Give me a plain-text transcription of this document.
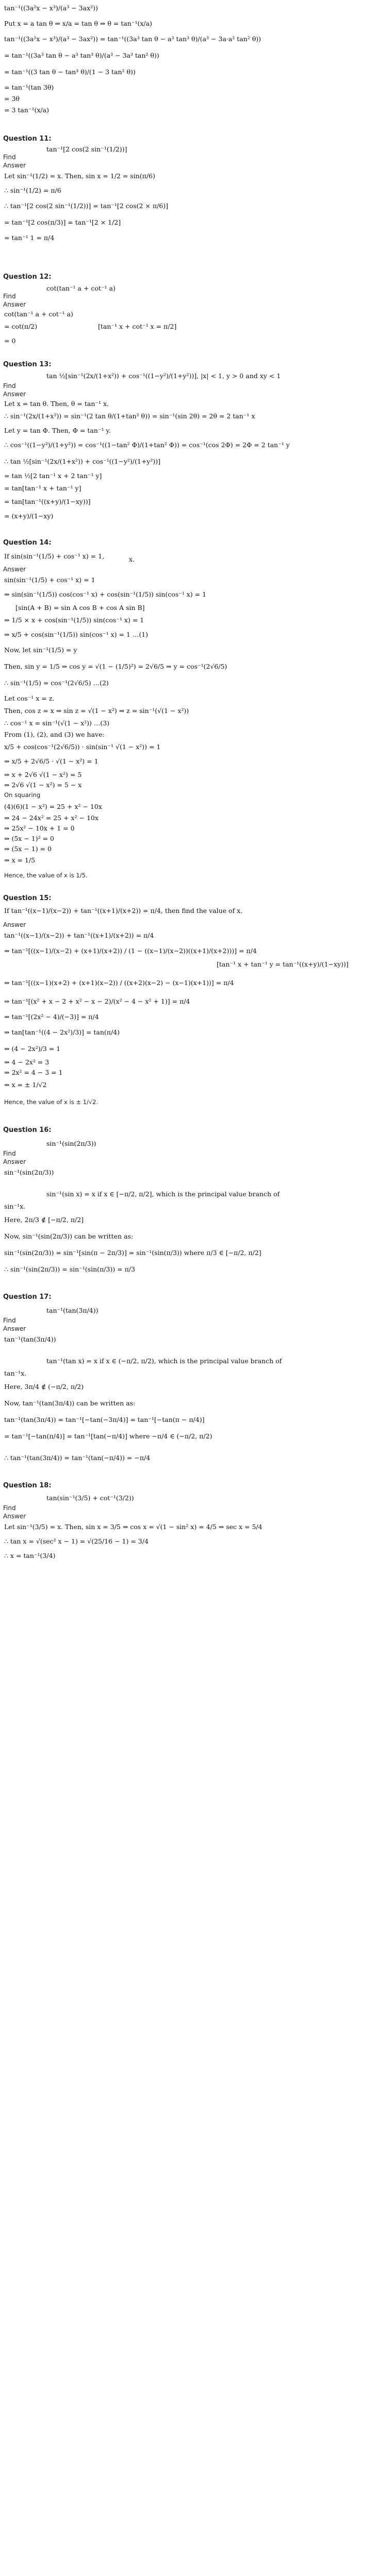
tan⁻¹((3a²x − x³)/(a³ − 3ax²))
Put x = a tan θ ⇒ x/a = tan θ ⇒ θ = tan⁻¹(x/a)
tan⁻¹((3a²x − x³)/(a³ − 3ax²)) = tan⁻¹((3a³ tan θ − a³ tan³ θ)/(a³ − 3a·a² tan² θ))
= tan⁻¹((3a³ tan θ − a³ tan³ θ)/(a³ − 3a³ tan² θ))
= tan⁻¹((3 tan θ − tan³ θ)/(1 − 3 tan² θ))
= tan⁻¹(tan 3θ)
= 3θ
= 3 tan⁻¹(x/a)
Question 11:
tan⁻¹[2 cos(2 sin⁻¹(1/2))]
Find
Answer
Let sin⁻¹(1/2) = x. Then, sin x = 1/2 = sin(π/6)
∴ sin⁻¹(1/2) = π/6
∴ tan⁻¹[2 cos(2 sin⁻¹(1/2))] = tan⁻¹[2 cos(2 × π/6)]
= tan⁻¹[2 cos(π/3)] = tan⁻¹[2 × 1/2]
= tan⁻¹ 1 = π/4
Question 12:
cot(tan⁻¹ a + cot⁻¹ a)
Find
Answer
cot(tan⁻¹ a + cot⁻¹ a)
= cot(π/2)	[tan⁻¹ x + cot⁻¹ x = π/2]
= 0
Question 13:
tan ½[sin⁻¹(2x/(1+x²)) + cos⁻¹((1−y²)/(1+y²))], |x| < 1, y > 0 and xy < 1
Find
Answer
Let x = tan θ. Then, θ = tan⁻¹ x.
∴ sin⁻¹(2x/(1+x²)) = sin⁻¹(2 tan θ/(1+tan² θ)) = sin⁻¹(sin 2θ) = 2θ = 2 tan⁻¹ x
Let y = tan Φ. Then, Φ = tan⁻¹ y.
∴ cos⁻¹((1−y²)/(1+y²)) = cos⁻¹((1−tan² Φ)/(1+tan² Φ)) = cos⁻¹(cos 2Φ) = 2Φ = 2 tan⁻¹ y
∴ tan ½[sin⁻¹(2x/(1+x²)) + cos⁻¹((1−y²)/(1+y²))]
= tan ½[2 tan⁻¹ x + 2 tan⁻¹ y]
= tan[tan⁻¹ x + tan⁻¹ y]
= tan[tan⁻¹((x+y)/(1−xy))]
= (x+y)/(1−xy)
Question 14:
If sin(sin⁻¹(1/5) + cos⁻¹ x) = 1,	x.
Answer
sin(sin⁻¹(1/5) + cos⁻¹ x) = 1
⇒ sin(sin⁻¹(1/5)) cos(cos⁻¹ x) + cos(sin⁻¹(1/5)) sin(cos⁻¹ x) = 1
[sin(A + B) = sin A cos B + cos A sin B]
⇒ 1/5 × x + cos(sin⁻¹(1/5)) sin(cos⁻¹ x) = 1
⇒ x/5 + cos(sin⁻¹(1/5)) sin(cos⁻¹ x) = 1 …(1)
Now, let sin⁻¹(1/5) = y
Then, sin y = 1/5 ⇒ cos y = √(1 − (1/5)²) = 2√6/5 ⇒ y = cos⁻¹(2√6/5)
∴ sin⁻¹(1/5) = cos⁻¹(2√6/5) …(2)
Let cos⁻¹ x = z.
Then, cos z = x ⇒ sin z = √(1 − x²) ⇒ z = sin⁻¹(√(1 − x²))
∴ cos⁻¹ x = sin⁻¹(√(1 − x²)) …(3)
From (1), (2), and (3) we have:
x/5 + cos(cos⁻¹(2√6/5)) · sin(sin⁻¹ √(1 − x²)) = 1
⇒ x/5 + 2√6/5 · √(1 − x²) = 1
⇒ x + 2√6 √(1 − x²) = 5
⇒ 2√6 √(1 − x²) = 5 − x
On squaring
(4)(6)(1 − x²) = 25 + x² − 10x
⇒ 24 − 24x² = 25 + x² − 10x
⇒ 25x² − 10x + 1 = 0
⇒ (5x − 1)² = 0
⇒ (5x − 1) = 0
⇒ x = 1/5
Hence, the value of x is 1/5.
Question 15:
If tan⁻¹((x−1)/(x−2)) + tan⁻¹((x+1)/(x+2)) = π/4, then find the value of x.
Answer
tan⁻¹((x−1)/(x−2)) + tan⁻¹((x+1)/(x+2)) = π/4
⇒ tan⁻¹[((x−1)/(x−2) + (x+1)/(x+2)) / (1 − ((x−1)/(x−2))((x+1)/(x+2)))] = π/4
[tan⁻¹ x + tan⁻¹ y = tan⁻¹((x+y)/(1−xy))]
⇒ tan⁻¹[((x−1)(x+2) + (x+1)(x−2)) / ((x+2)(x−2) − (x−1)(x+1))] = π/4
⇒ tan⁻¹[(x² + x − 2 + x² − x − 2)/(x² − 4 − x² + 1)] = π/4
⇒ tan⁻¹[(2x² − 4)/(−3)] = π/4
⇒ tan[tan⁻¹((4 − 2x²)/3)] = tan(π/4)
⇒ (4 − 2x²)/3 = 1
⇒ 4 − 2x² = 3
⇒ 2x² = 4 − 3 = 1
⇒ x = ± 1/√2
Hence, the value of x is ± 1/√2.
Question 16:
sin⁻¹(sin(2π/3))
Find
Answer
sin⁻¹(sin(2π/3))
sin⁻¹(sin x) = x if x ∈ [−π/2, π/2], which is the principal value branch of
sin⁻¹x.
Here, 2π/3 ∉ [−π/2, π/2]
Now, sin⁻¹(sin(2π/3)) can be written as:
sin⁻¹(sin(2π/3)) = sin⁻¹[sin(π − 2π/3)] = sin⁻¹(sin(π/3)) where π/3 ∈ [−π/2, π/2]
∴ sin⁻¹(sin(2π/3)) = sin⁻¹(sin(π/3)) = π/3
Question 17:
tan⁻¹(tan(3π/4))
Find
Answer
tan⁻¹(tan(3π/4))
tan⁻¹(tan x) = x if x ∈ (−π/2, π/2), which is the principal value branch of
tan⁻¹x.
Here, 3π/4 ∉ (−π/2, π/2)
Now, tan⁻¹(tan(3π/4)) can be written as:
tan⁻¹(tan(3π/4)) = tan⁻¹[−tan(−3π/4)] = tan⁻¹[−tan(π − π/4)]
= tan⁻¹[−tan(π/4)] = tan⁻¹[tan(−π/4)] where −π/4 ∈ (−π/2, π/2)
∴ tan⁻¹(tan(3π/4)) = tan⁻¹(tan(−π/4)) = −π/4
Question 18:
tan(sin⁻¹(3/5) + cot⁻¹(3/2))
Find
Answer
Let sin⁻¹(3/5) = x. Then, sin x = 3/5 ⇒ cos x = √(1 − sin² x) = 4/5 ⇒ sec x = 5/4
∴ tan x = √(sec² x − 1) = √(25/16 − 1) = 3/4
∴ x = tan⁻¹(3/4)
